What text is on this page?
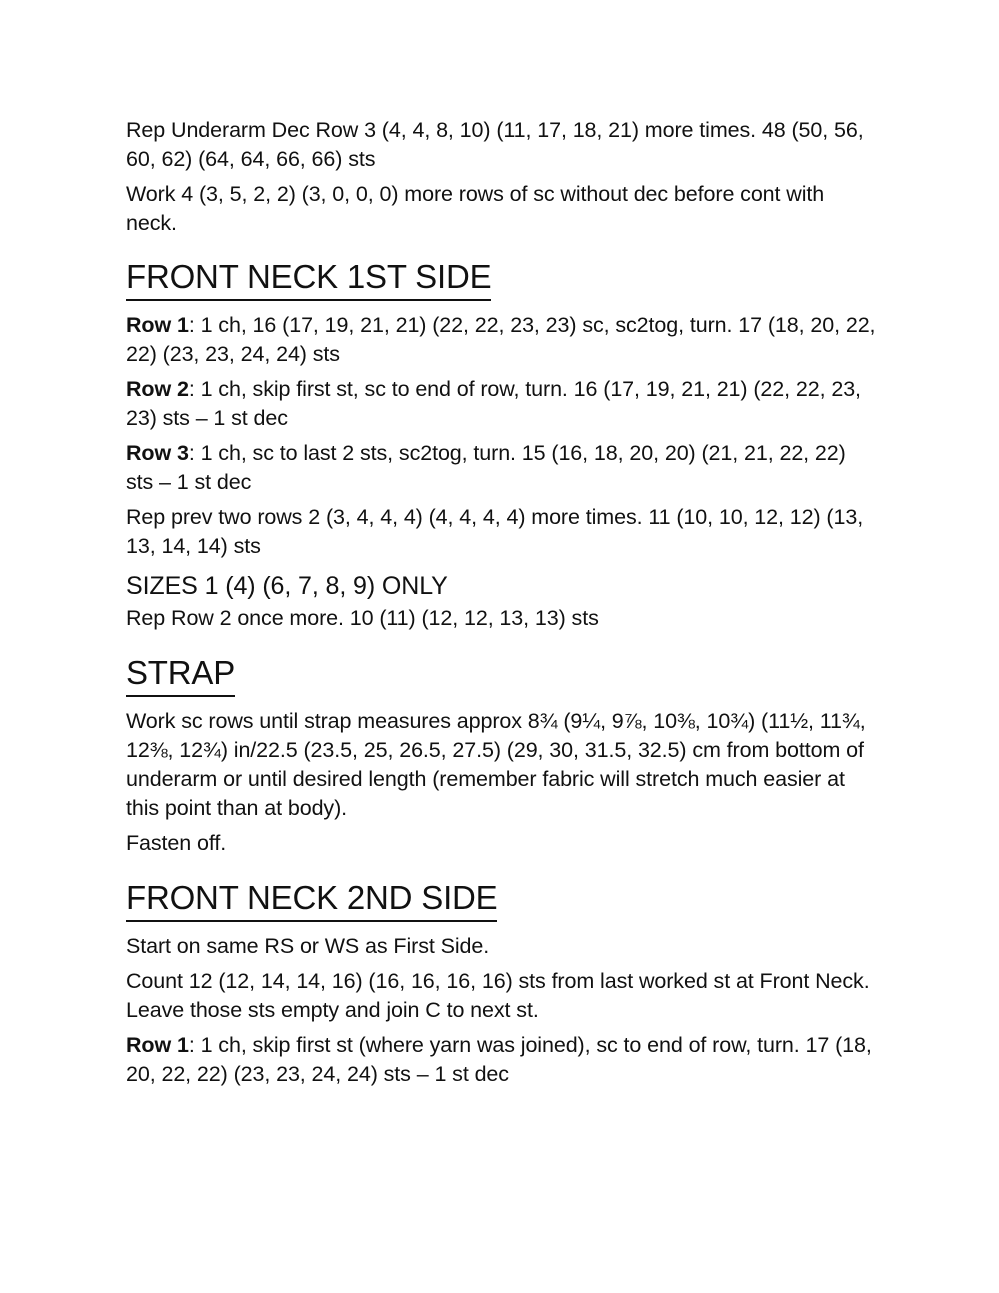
Rep Underarm Dec Row 3 (4, 4, 8, 10) (11, 17, 18, 21) more times. 48 (50, 56, 60, 62) (64, 64, 66, 66) sts

Work 4 (3, 5, 2, 2) (3, 0, 0, 0) more rows of sc without dec before cont with neck.

FRONT NECK 1ST SIDE

Row 1: 1 ch, 16 (17, 19, 21, 21) (22, 22, 23, 23) sc, sc2tog, turn. 17 (18, 20, 22, 22) (23, 23, 24, 24) sts

Row 2: 1 ch, skip first st, sc to end of row, turn. 16 (17, 19, 21, 21) (22, 22, 23, 23) sts – 1 st dec

Row 3: 1 ch, sc to last 2 sts, sc2tog, turn. 15 (16, 18, 20, 20) (21, 21, 22, 22) sts – 1 st dec

Rep prev two rows 2 (3, 4, 4, 4) (4, 4, 4, 4) more times. 11 (10, 10, 12, 12) (13, 13, 14, 14) sts

SIZES 1 (4) (6, 7, 8, 9) ONLY

Rep Row 2 once more. 10 (11) (12, 12, 13, 13) sts

STRAP

Work sc rows until strap measures approx 8¾ (9¼, 9⅞, 10⅜, 10¾) (11½, 11¾, 12⅜, 12¾) in/22.5 (23.5, 25, 26.5, 27.5) (29, 30, 31.5, 32.5) cm from bottom of underarm or until desired length (remember fabric will stretch much easier at this point than at body).

Fasten off.

FRONT NECK 2ND SIDE

Start on same RS or WS as First Side.

Count 12 (12, 14, 14, 16) (16, 16, 16, 16) sts from last worked st at Front Neck. Leave those sts empty and join C to next st.

Row 1: 1 ch, skip first st (where yarn was joined), sc to end of row, turn. 17 (18, 20, 22, 22) (23, 23, 24, 24) sts – 1 st dec
